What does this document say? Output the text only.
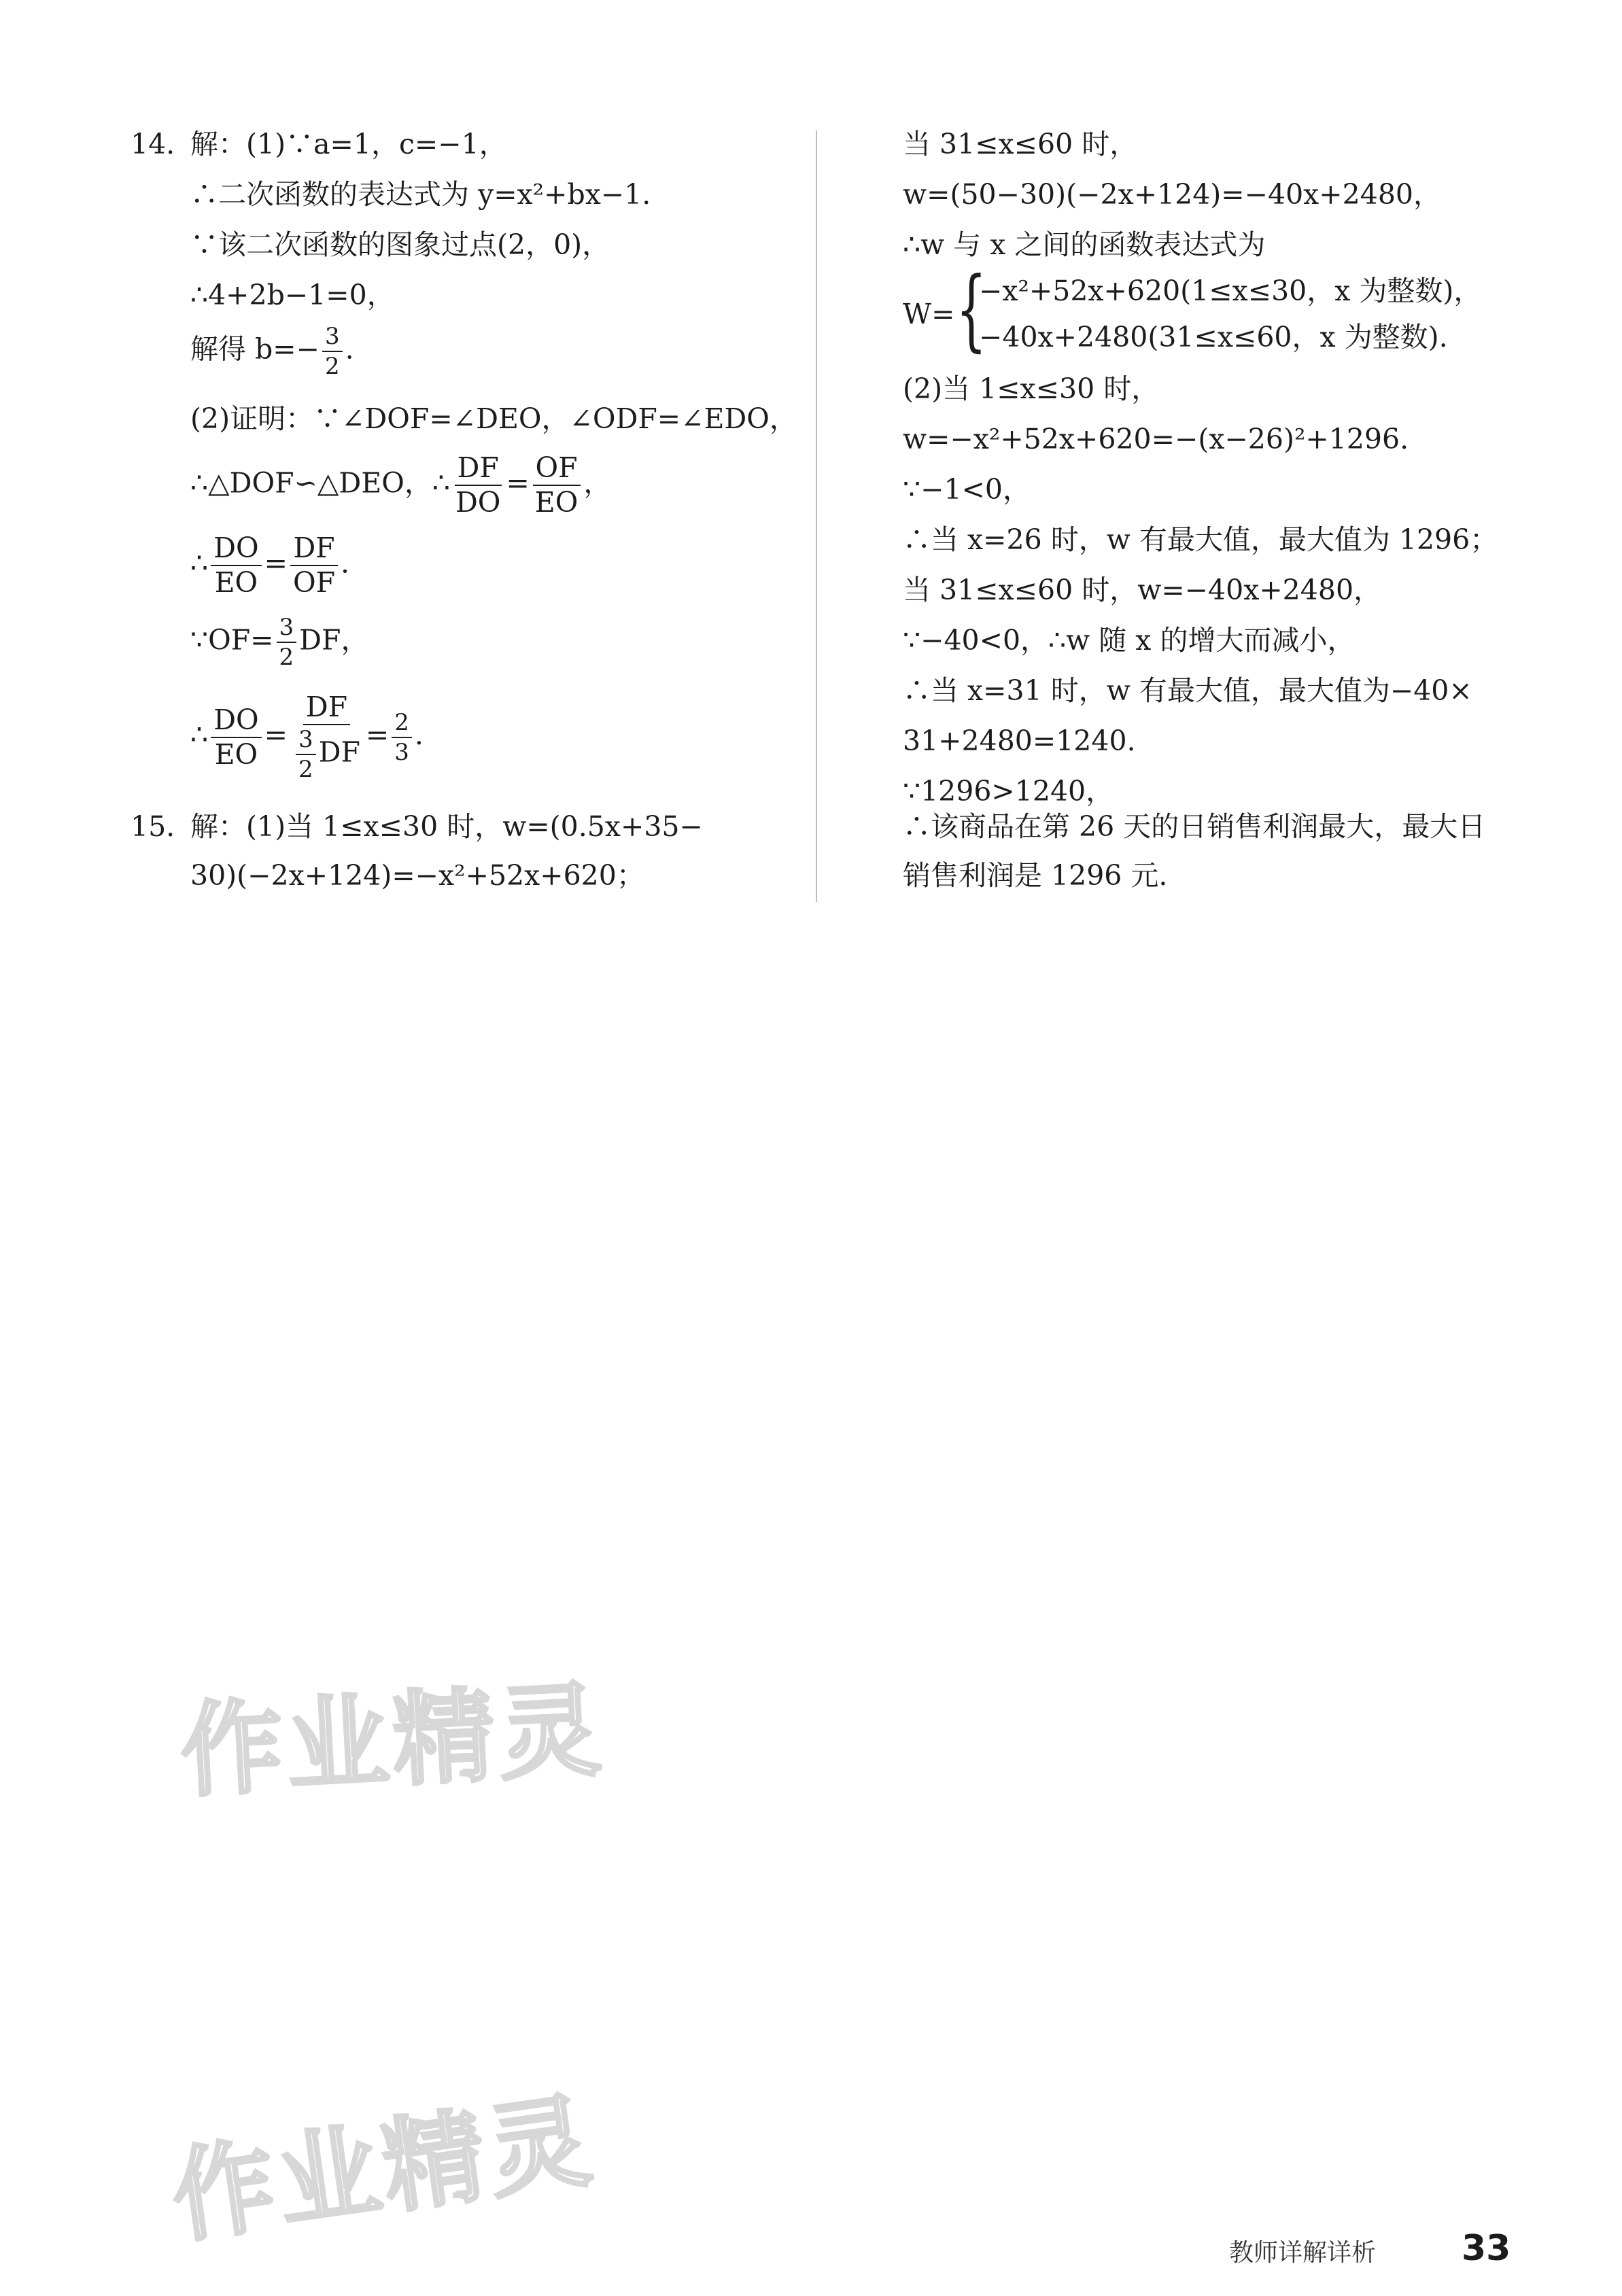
14. 解：(1)∵a=1，c=−1，
∴二次函数的表达式为 y=x²+bx−1.
∵该二次函数的图象过点(2，0)，
∴4+2b−1=0，
解得 $b=- \frac{3}{2}$ .
(2)证明：∵∠DOF=∠DEO，∠ODF=∠EDO，
∴△DOF∽△DEO，∴ $\frac{DF}{DO} = \frac{OF}{EO}$ ，
∴ $\frac{DO}{EO} = \frac{DF}{OF}$ .
∵OF= $\frac{3}{2}$ DF，
∴ $\frac{DO}{EO} = \frac{DF}{\frac{3}{2} DF} = \frac{2}{3}$ .
15. 解：(1)当 1≤x≤30 时，w=(0.5x+35−
30)(−2x+124)=−x²+52x+620；
当 31≤x≤60 时，
w=(50−30)(−2x+124)=−40x+2480，
∴w 与 x 之间的函数表达式为
W= {
−x²+52x+620(1≤x≤30，x 为整数)，
−40x+2480(31≤x≤60，x 为整数).
(2)当 1≤x≤30 时，
w=−x²+52x+620=−(x−26)²+1296.
∵−1<0，
∴当 x=26 时，w 有最大值，最大值为 1296；
当 31≤x≤60 时，w=−40x+2480，
∵−40<0，∴w 随 x 的增大而减小，
∴当 x=31 时，w 有最大值，最大值为−40×
31+2480=1240.
∵1296>1240，
∴该商品在第 26 天的日销售利润最大，最大日
销售利润是 1296 元.
作业精灵
作业精灵	教师详解详析 33
